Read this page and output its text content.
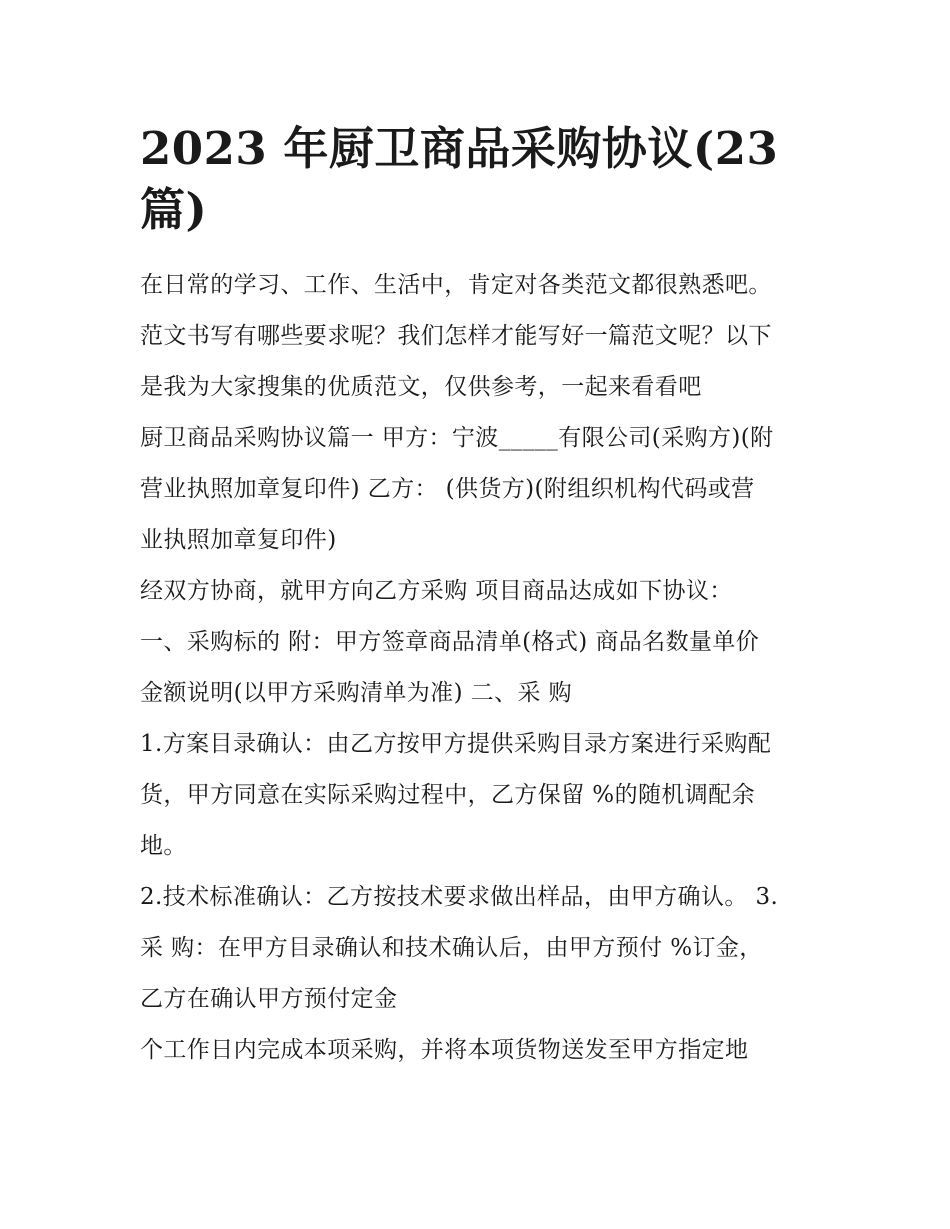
2023 年厨卫商品采购协议(23
篇)

在日常的学习、工作、生活中，肯定对各类范文都很熟悉吧。
范文书写有哪些要求呢？我们怎样才能写好一篇范文呢？以下
是我为大家搜集的优质范文，仅供参考，一起来看看吧

厨卫商品采购协议篇一 甲方：宁波_____有限公司(采购方)(附
营业执照加章复印件) 乙方： (供货方)(附组织机构代码或营
业执照加章复印件)

经双方协商，就甲方向乙方采购 项目商品达成如下协议：

一、采购标的 附：甲方签章商品清单(格式) 商品名数量单价
金额说明(以甲方采购清单为准) 二、采 购

1.方案目录确认：由乙方按甲方提供采购目录方案进行采购配
货，甲方同意在实际采购过程中，乙方保留 %的随机调配余
地。

2.技术标准确认：乙方按技术要求做出样品，由甲方确认。 3.
采 购：在甲方目录确认和技术确认后，由甲方预付 %订金，
乙方在确认甲方预付定金

个工作日内完成本项采购，并将本项货物送发至甲方指定地
